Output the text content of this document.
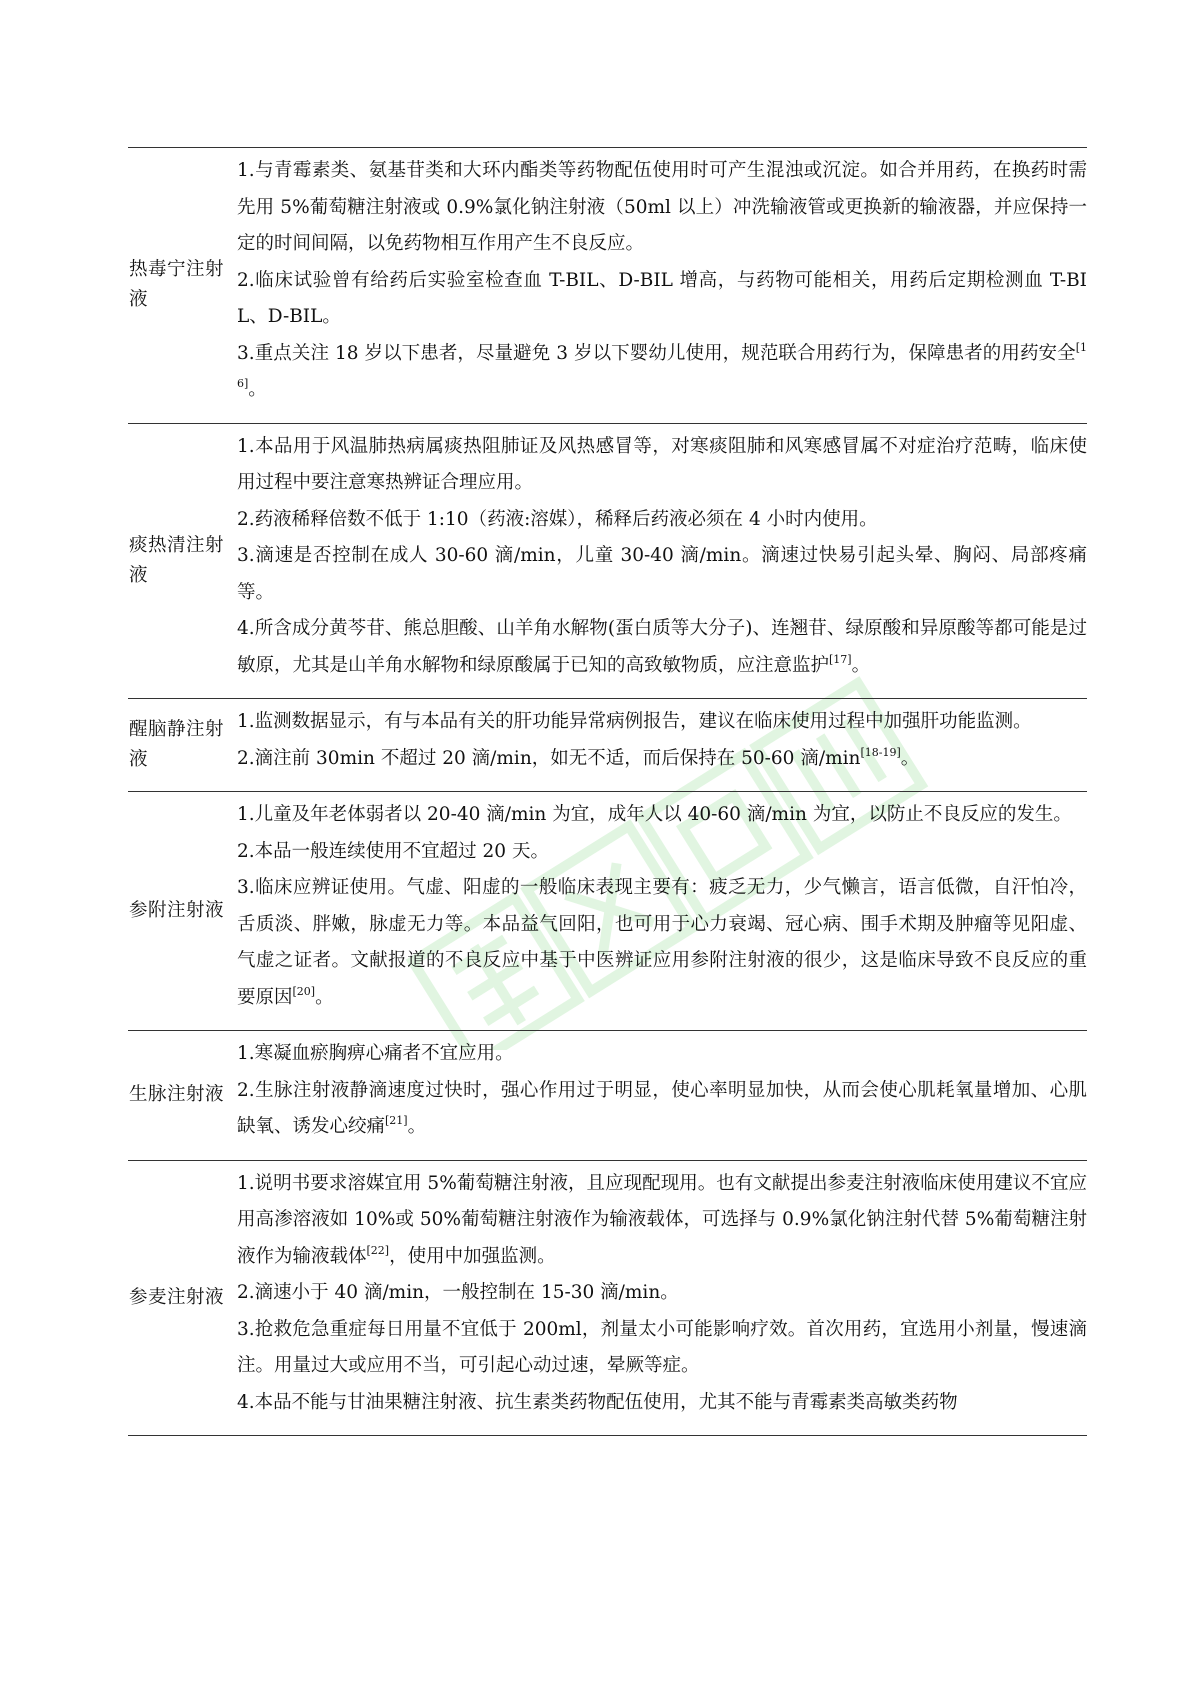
热毒宁注射液	1.与青霉素类、氨基苷类和大环内酯类等药物配伍使用时可产生混浊或沉淀。如合并用药，在换药时需先用 5%葡萄糖注射液或 0.9%氯化钠注射液（50ml 以上）冲洗输液管或更换新的输液器，并应保持一定的时间间隔，以免药物相互作用产生不良反应。

2.临床试验曾有给药后实验室检查血 T-BIL、D-BIL 增高，与药物可能相关，用药后定期检测血 T-BIL、D-BIL。

3.重点关注 18 岁以下患者，尽量避免 3 岁以下婴幼儿使用，规范联合用药行为，保障患者的用药安全[16]。

痰热清注射液	1.本品用于风温肺热病属痰热阻肺证及风热感冒等，对寒痰阻肺和风寒感冒属不对症治疗范畴，临床使用过程中要注意寒热辨证合理应用。

2.药液稀释倍数不低于 1:10（药液:溶媒），稀释后药液必须在 4 小时内使用。

3.滴速是否控制在成人 30-60 滴/min，儿童 30-40 滴/min。滴速过快易引起头晕、胸闷、局部疼痛等。

4.所含成分黄芩苷、熊总胆酸、山羊角水解物(蛋白质等大分子)、连翘苷、绿原酸和异原酸等都可能是过敏原，尤其是山羊角水解物和绿原酸属于已知的高致敏物质，应注意监护[17]。

醒脑静注射液	1.监测数据显示，有与本品有关的肝功能异常病例报告，建议在临床使用过程中加强肝功能监测。

2.滴注前 30min 不超过 20 滴/min，如无不适，而后保持在 50-60 滴/min[18-19]。

参附注射液	1.儿童及年老体弱者以 20-40 滴/min 为宜，成年人以 40-60 滴/min 为宜，以防止不良反应的发生。

2.本品一般连续使用不宜超过 20 天。

3.临床应辨证使用。气虚、阳虚的一般临床表现主要有：疲乏无力，少气懒言，语言低微，自汗怕冷，舌质淡、胖嫩，脉虚无力等。本品益气回阳，也可用于心力衰竭、冠心病、围手术期及肿瘤等见阳虚、气虚之证者。文献报道的不良反应中基于中医辨证应用参附注射液的很少，这是临床导致不良反应的重要原因[20]。

生脉注射液	1.寒凝血瘀胸痹心痛者不宜应用。

2.生脉注射液静滴速度过快时，强心作用过于明显，使心率明显加快，从而会使心肌耗氧量增加、心肌缺氧、诱发心绞痛[21]。

参麦注射液	1.说明书要求溶媒宜用 5%葡萄糖注射液，且应现配现用。也有文献提出参麦注射液临床使用建议不宜应用高渗溶液如 10%或 50%葡萄糖注射液作为输液载体，可选择与 0.9%氯化钠注射代替 5%葡萄糖注射液作为输液载体[22]，使用中加强监测。

2.滴速小于 40 滴/min，一般控制在 15-30 滴/min。

3.抢救危急重症每日用量不宜低于 200ml，剂量太小可能影响疗效。首次用药，宜选用小剂量，慢速滴注。用量过大或应用不当，可引起心动过速，晕厥等症。

4.本品不能与甘油果糖注射液、抗生素类药物配伍使用，尤其不能与青霉素类高敏类药物
